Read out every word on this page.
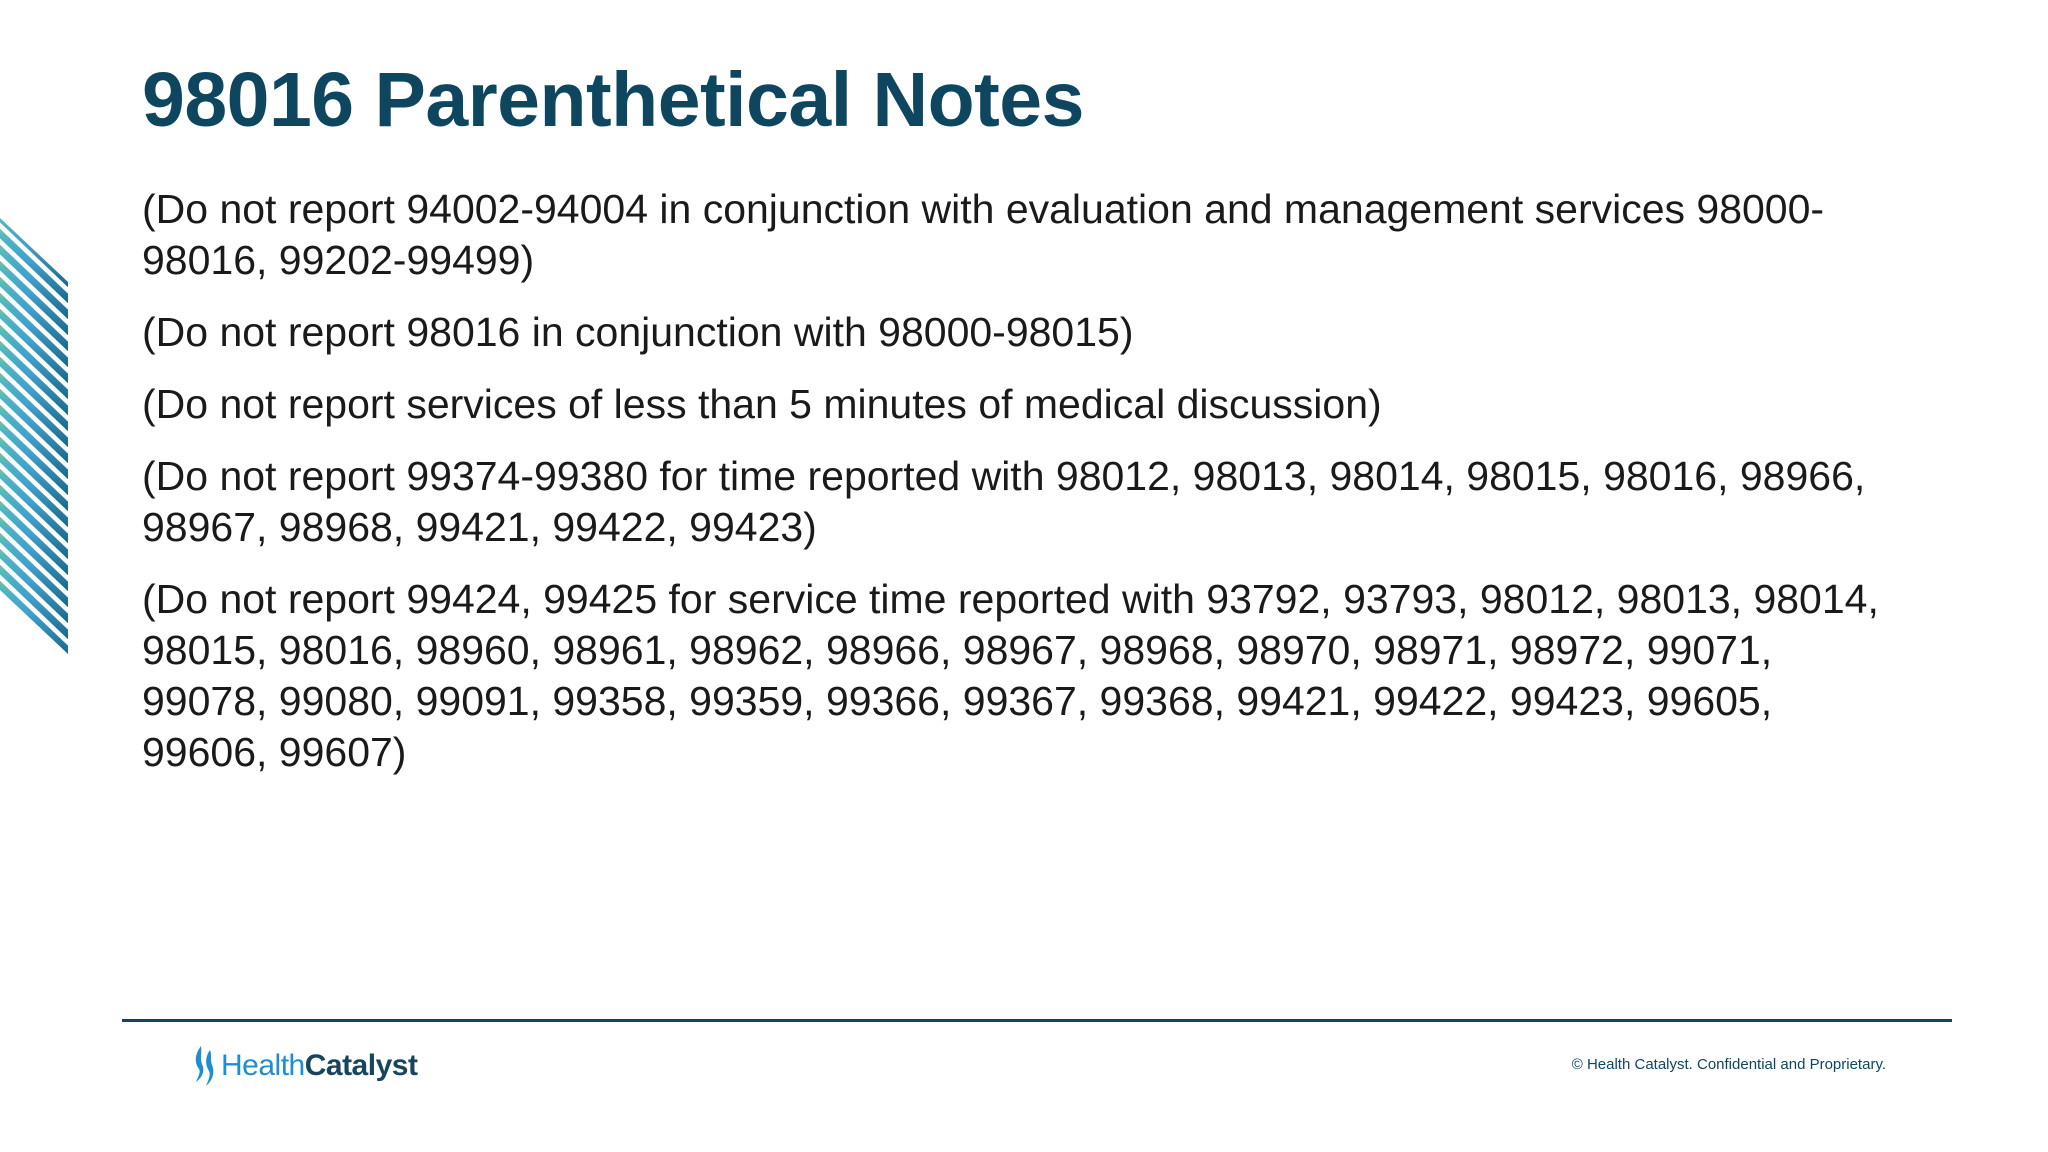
98016 Parenthetical Notes
(Do not report 94002-94004 in conjunction with evaluation and management services 98000-98016, 99202-99499)
(Do not report 98016 in conjunction with 98000-98015)
(Do not report services of less than 5 minutes of medical discussion)
(Do not report 99374-99380 for time reported with 98012, 98013, 98014, 98015, 98016, 98966, 98967, 98968, 99421, 99422, 99423)
(Do not report 99424, 99425 for service time reported with 93792, 93793, 98012, 98013, 98014, 98015, 98016, 98960, 98961, 98962, 98966, 98967, 98968, 98970, 98971, 98972, 99071, 99078, 99080, 99091, 99358, 99359, 99366, 99367, 99368, 99421, 99422, 99423, 99605, 99606, 99607)
HealthCatalyst	© Health Catalyst. Confidential and Proprietary.
